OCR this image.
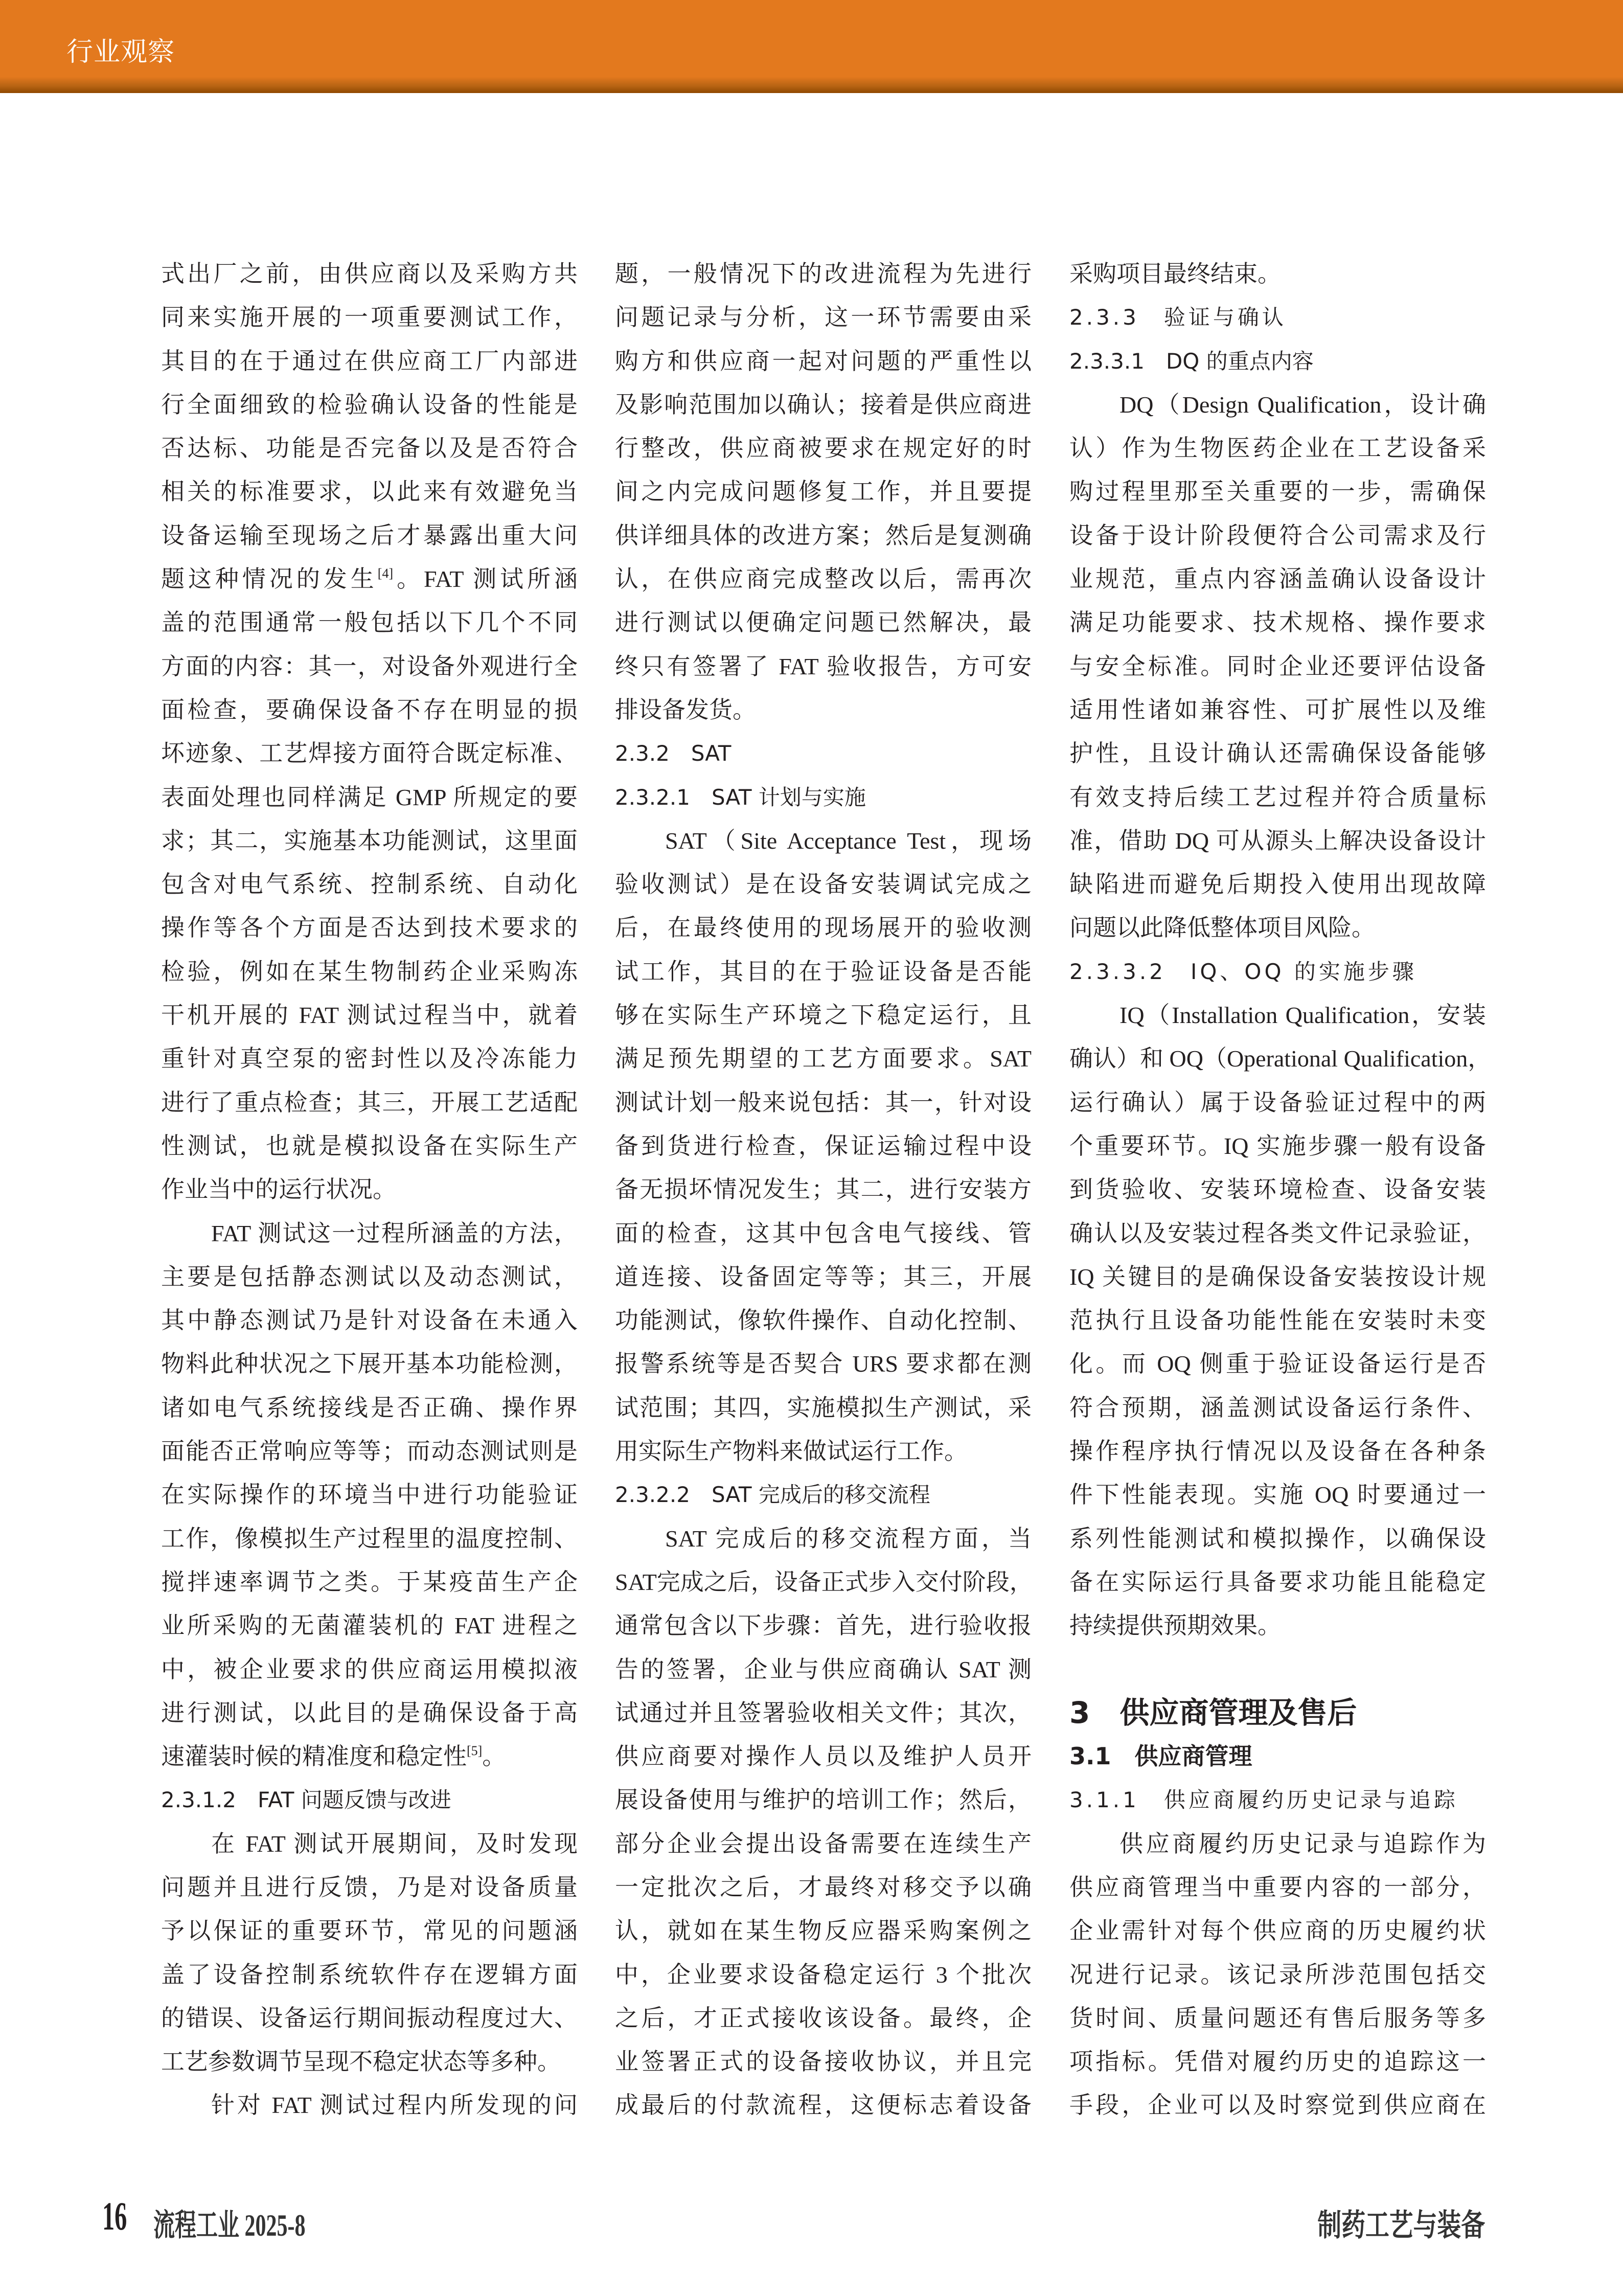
行业观察
式出厂之前，由供应商以及采购方共
同来实施开展的一项重要测试工作，
其目的在于通过在供应商工厂内部进
行全面细致的检验确认设备的性能是
否达标、功能是否完备以及是否符合
相关的标准要求，以此来有效避免当
设备运输至现场之后才暴露出重大问
题这种情况的发生[4]。FAT 测试所涵
盖的范围通常一般包括以下几个不同
方面的内容：其一，对设备外观进行全
面检查，要确保设备不存在明显的损
坏迹象、工艺焊接方面符合既定标准、
表面处理也同样满足 GMP 所规定的要
求；其二，实施基本功能测试，这里面
包含对电气系统、控制系统、自动化
操作等各个方面是否达到技术要求的
检验，例如在某生物制药企业采购冻
干机开展的 FAT 测试过程当中，就着
重针对真空泵的密封性以及冷冻能力
进行了重点检查；其三，开展工艺适配
性测试，也就是模拟设备在实际生产
作业当中的运行状况。
FAT 测试这一过程所涵盖的方法，
主要是包括静态测试以及动态测试，
其中静态测试乃是针对设备在未通入
物料此种状况之下展开基本功能检测，
诸如电气系统接线是否正确、操作界
面能否正常响应等等；而动态测试则是
在实际操作的环境当中进行功能验证
工作，像模拟生产过程里的温度控制、
搅拌速率调节之类。于某疫苗生产企
业所采购的无菌灌装机的 FAT 进程之
中，被企业要求的供应商运用模拟液
进行测试，以此目的是确保设备于高
速灌装时候的精准度和稳定性[5]。
2.3.1.2　FAT 问题反馈与改进
在 FAT 测试开展期间，及时发现
问题并且进行反馈，乃是对设备质量
予以保证的重要环节，常见的问题涵
盖了设备控制系统软件存在逻辑方面
的错误、设备运行期间振动程度过大、
工艺参数调节呈现不稳定状态等多种。
针对 FAT 测试过程内所发现的问
题，一般情况下的改进流程为先进行
问题记录与分析，这一环节需要由采
购方和供应商一起对问题的严重性以
及影响范围加以确认；接着是供应商进
行整改，供应商被要求在规定好的时
间之内完成问题修复工作，并且要提
供详细具体的改进方案；然后是复测确
认，在供应商完成整改以后，需再次
进行测试以便确定问题已然解决，最
终只有签署了 FAT 验收报告，方可安
排设备发货。
2.3.2　SAT
2.3.2.1　SAT 计划与实施
SAT（Site Acceptance Test，现场
验收测试）是在设备安装调试完成之
后，在最终使用的现场展开的验收测
试工作，其目的在于验证设备是否能
够在实际生产环境之下稳定运行，且
满足预先期望的工艺方面要求。SAT
测试计划一般来说包括：其一，针对设
备到货进行检查，保证运输过程中设
备无损坏情况发生；其二，进行安装方
面的检查，这其中包含电气接线、管
道连接、设备固定等等；其三，开展
功能测试，像软件操作、自动化控制、
报警系统等是否契合 URS 要求都在测
试范围；其四，实施模拟生产测试，采
用实际生产物料来做试运行工作。
2.3.2.2　SAT 完成后的移交流程
SAT 完成后的移交流程方面，当
SAT完成之后，设备正式步入交付阶段，
通常包含以下步骤：首先，进行验收报
告的签署，企业与供应商确认 SAT 测
试通过并且签署验收相关文件；其次，
供应商要对操作人员以及维护人员开
展设备使用与维护的培训工作；然后，
部分企业会提出设备需要在连续生产
一定批次之后，才最终对移交予以确
认，就如在某生物反应器采购案例之
中，企业要求设备稳定运行 3 个批次
之后，才正式接收该设备。最终，企
业签署正式的设备接收协议，并且完
成最后的付款流程，这便标志着设备
采购项目最终结束。
2.3.3　验证与确认
2.3.3.1　DQ 的重点内容
DQ（Design Qualification，设计确
认）作为生物医药企业在工艺设备采
购过程里那至关重要的一步，需确保
设备于设计阶段便符合公司需求及行
业规范，重点内容涵盖确认设备设计
满足功能要求、技术规格、操作要求
与安全标准。同时企业还要评估设备
适用性诸如兼容性、可扩展性以及维
护性，且设计确认还需确保设备能够
有效支持后续工艺过程并符合质量标
准，借助 DQ 可从源头上解决设备设计
缺陷进而避免后期投入使用出现故障
问题以此降低整体项目风险。
2.3.3.2　IQ、OQ 的实施步骤
IQ（Installation Qualification，安装
确认）和 OQ（Operational Qualification，
运行确认）属于设备验证过程中的两
个重要环节。IQ 实施步骤一般有设备
到货验收、安装环境检查、设备安装
确认以及安装过程各类文件记录验证，
IQ 关键目的是确保设备安装按设计规
范执行且设备功能性能在安装时未变
化。而 OQ 侧重于验证设备运行是否
符合预期，涵盖测试设备运行条件、
操作程序执行情况以及设备在各种条
件下性能表现。实施 OQ 时要通过一
系列性能测试和模拟操作，以确保设
备在实际运行具备要求功能且能稳定
持续提供预期效果。
3　供应商管理及售后
3.1　供应商管理
3.1.1　供应商履约历史记录与追踪
供应商履约历史记录与追踪作为
供应商管理当中重要内容的一部分，
企业需针对每个供应商的历史履约状
况进行记录。该记录所涉范围包括交
货时间、质量问题还有售后服务等多
项指标。凭借对履约历史的追踪这一
手段，企业可以及时察觉到供应商在
16 流程工业 2025-8	制药工艺与装备
